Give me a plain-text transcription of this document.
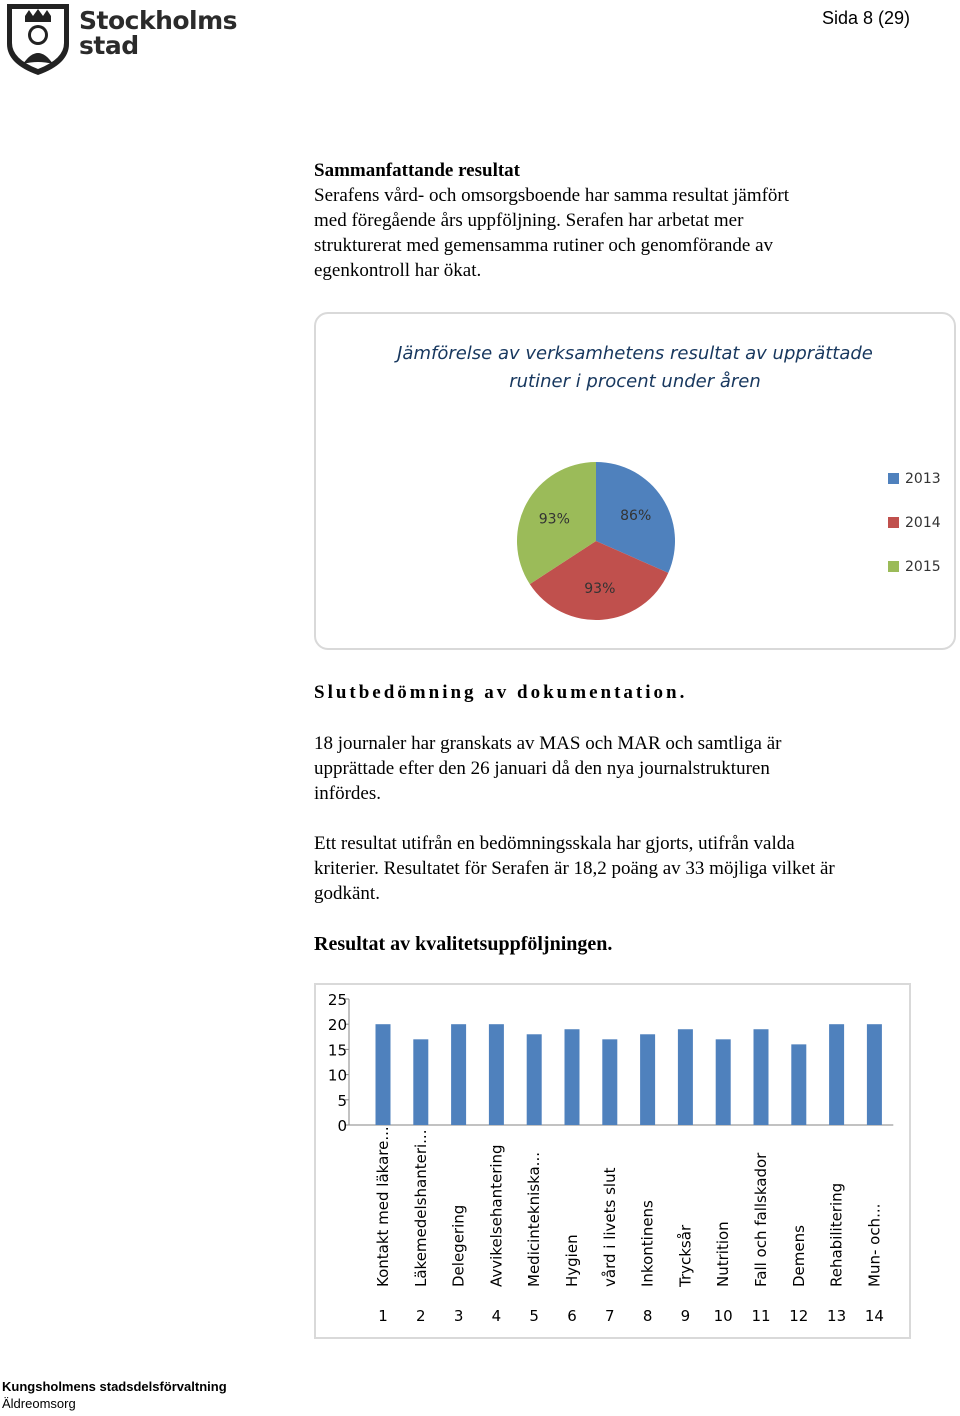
Stockholms
stad
Sida 8 (29)
Sammanfattande resultat
Serafens vård- och omsorgsboende har samma resultat jämfört
med föregående års uppföljning. Serafen har arbetat mer
strukturerat med gemensamma rutiner och genomförande av
egenkontroll har ökat.
Jämförelse av verksamhetens resultat av upprättade
rutiner i procent under åren
86%
93%
93%
2013
2014
2015
Slutbedömning av dokumentation.
18 journaler har granskats av MAS och MAR och samtliga är
upprättade efter den 26 januari då den nya journalstrukturen
infördes.
Ett resultat utifrån en bedömningsskala har gjorts, utifrån valda
kriterier. Resultatet för Serafen är 18,2 poäng av 33 möjliga vilket är
godkänt.
Resultat av kvalitetsuppföljningen.
0
5
10
15
20
25
Kontakt med läkare...
1
Läkemedelshanteri...
2
Delegering
3
Avvikelsehantering
4
Medicintekniska...
5
Hygien
6
vård i livets slut
7
Inkontinens
8
Trycksår
9
Nutrition
10
Fall och fallskador
11
Demens
12
Rehabilitering
13
Mun- och...
14
Kungsholmens stadsdelsförvaltning
Äldreomsorg
